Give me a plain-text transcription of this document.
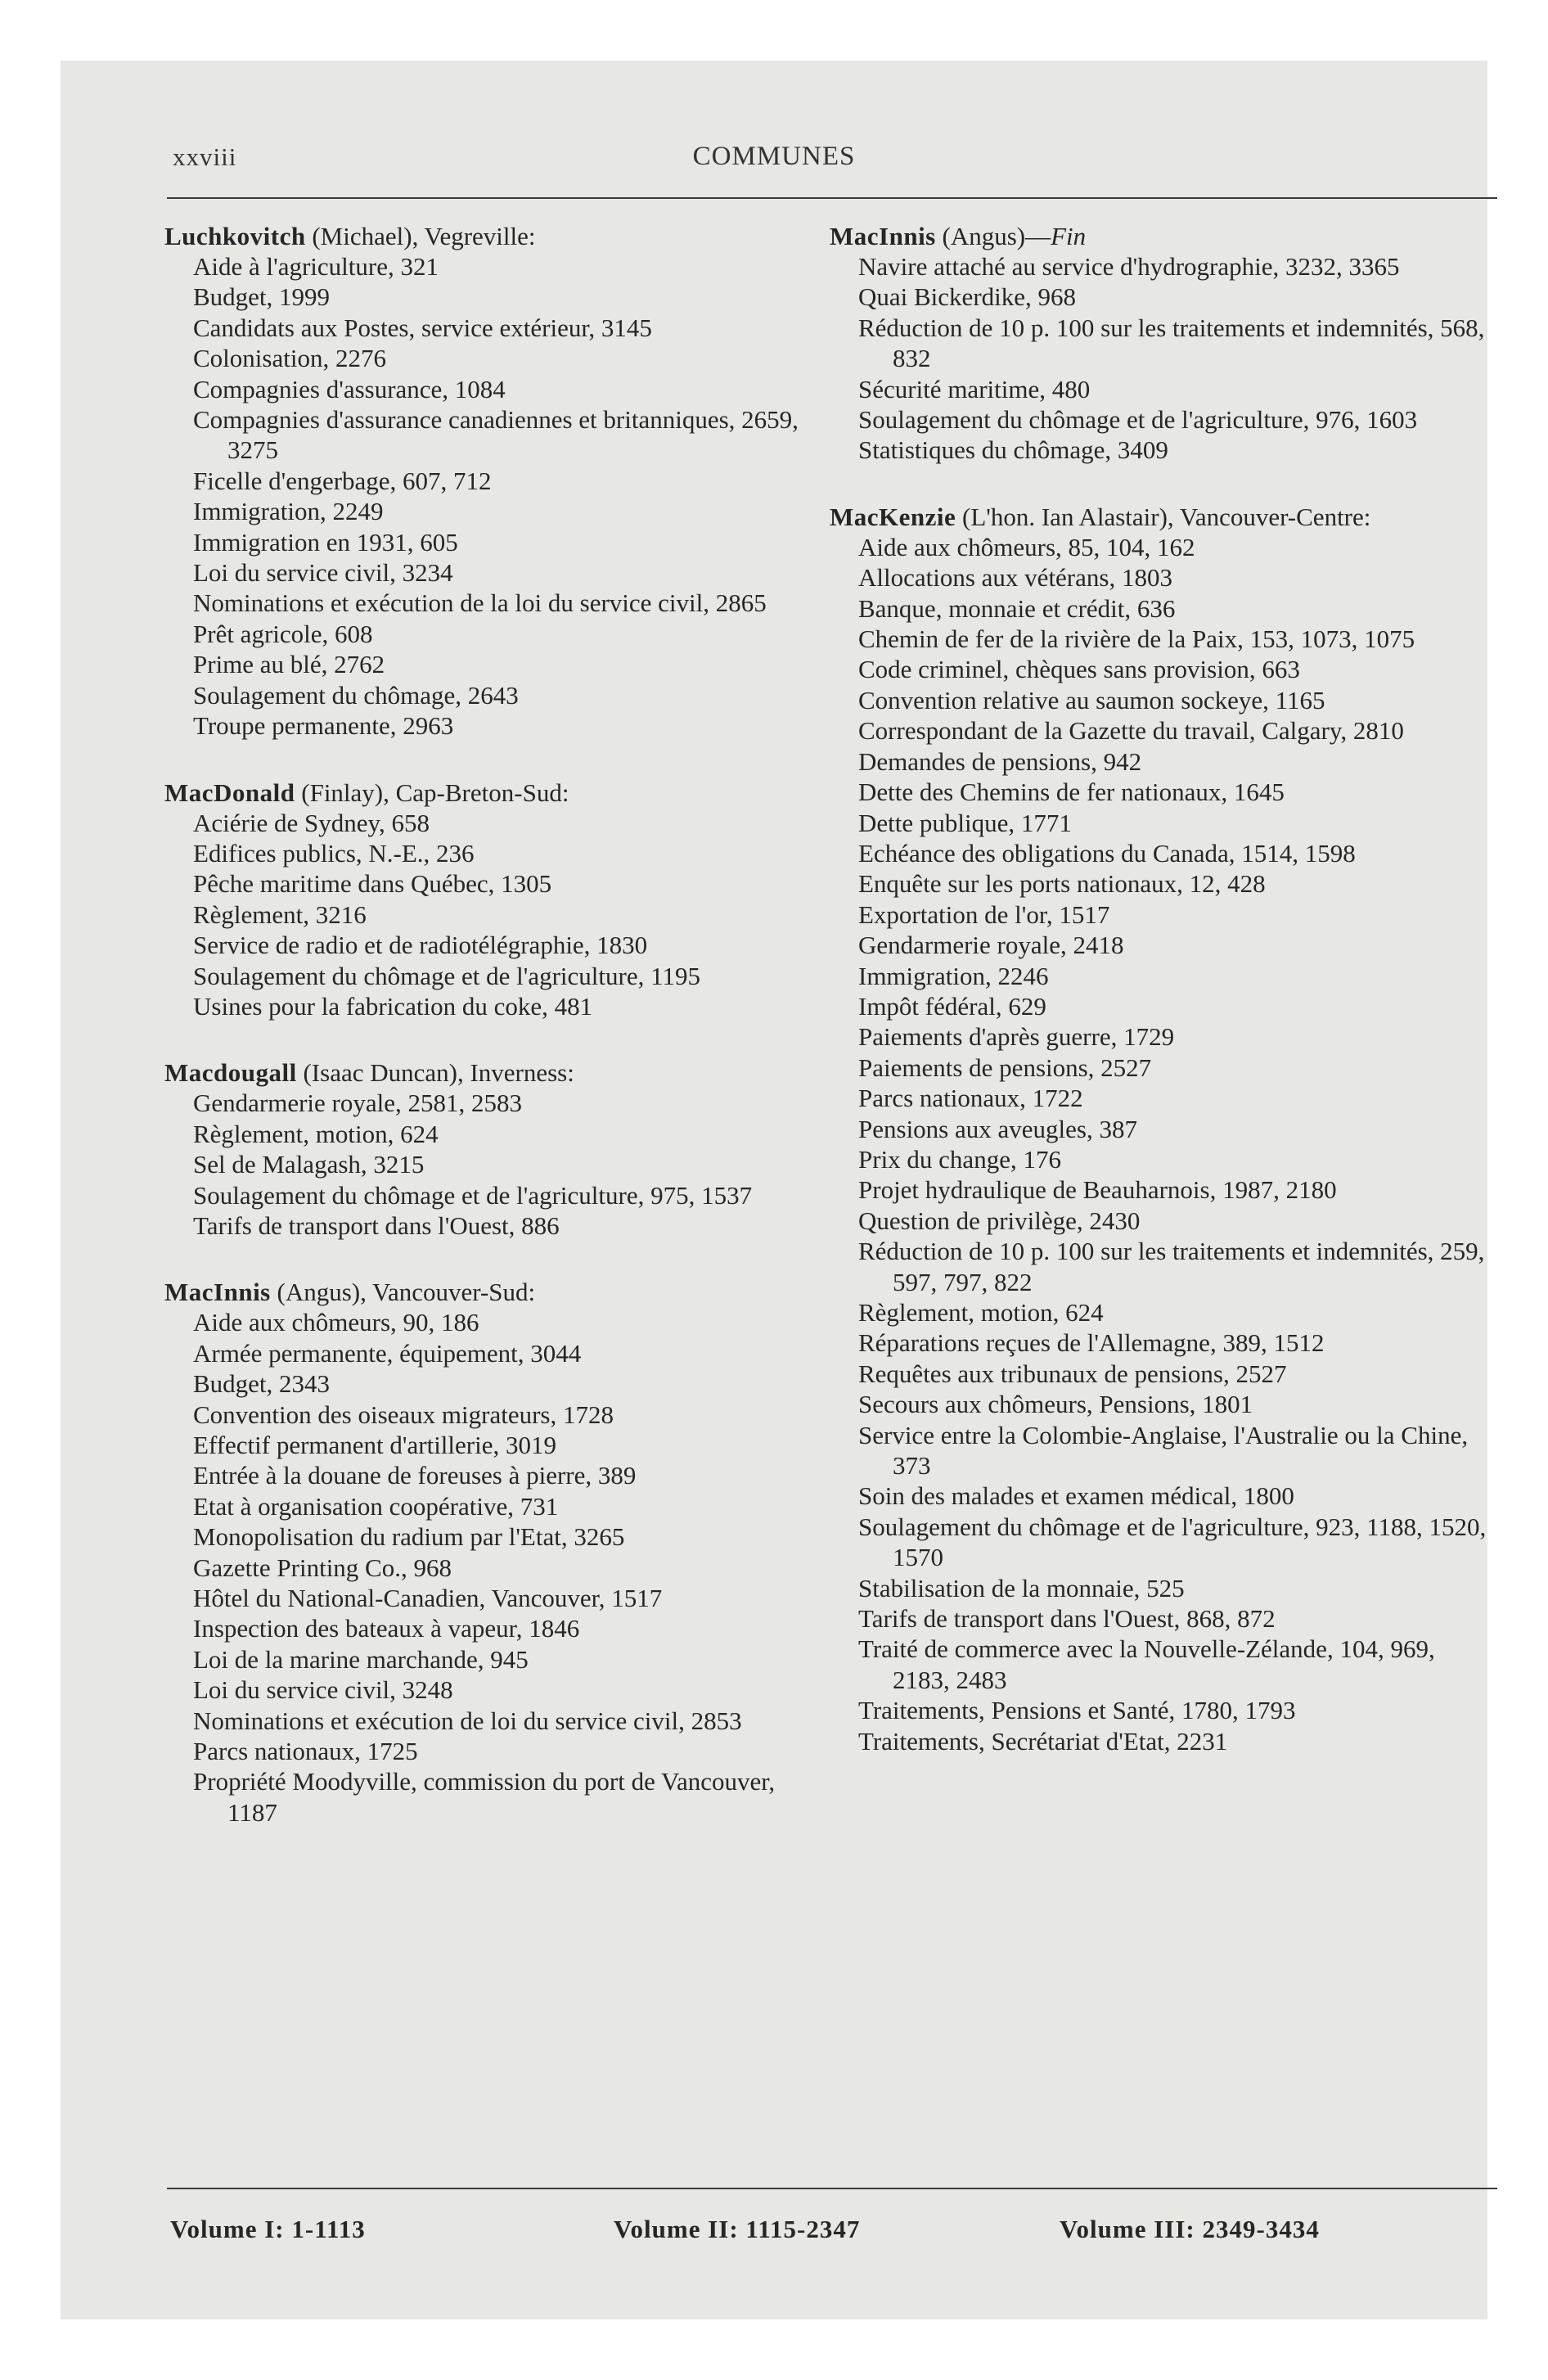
xxviii	COMMUNES
Luchkovitch (Michael), Vegreville:
Aide à l'agriculture, 321
Budget, 1999
Candidats aux Postes, service extérieur, 3145
Colonisation, 2276
Compagnies d'assurance, 1084
Compagnies d'assurance canadiennes et britanniques, 2659, 3275
Ficelle d'engerbage, 607, 712
Immigration, 2249
Immigration en 1931, 605
Loi du service civil, 3234
Nominations et exécution de la loi du service civil, 2865
Prêt agricole, 608
Prime au blé, 2762
Soulagement du chômage, 2643
Troupe permanente, 2963
MacDonald (Finlay), Cap-Breton-Sud:
Aciérie de Sydney, 658
Edifices publics, N.-E., 236
Pêche maritime dans Québec, 1305
Règlement, 3216
Service de radio et de radiotélégraphie, 1830
Soulagement du chômage et de l'agriculture, 1195
Usines pour la fabrication du coke, 481
Macdougall (Isaac Duncan), Inverness:
Gendarmerie royale, 2581, 2583
Règlement, motion, 624
Sel de Malagash, 3215
Soulagement du chômage et de l'agriculture, 975, 1537
Tarifs de transport dans l'Ouest, 886
MacInnis (Angus), Vancouver-Sud:
Aide aux chômeurs, 90, 186
Armée permanente, équipement, 3044
Budget, 2343
Convention des oiseaux migrateurs, 1728
Effectif permanent d'artillerie, 3019
Entrée à la douane de foreuses à pierre, 389
Etat à organisation coopérative, 731
Monopolisation du radium par l'Etat, 3265
Gazette Printing Co., 968
Hôtel du National-Canadien, Vancouver, 1517
Inspection des bateaux à vapeur, 1846
Loi de la marine marchande, 945
Loi du service civil, 3248
Nominations et exécution de loi du service civil, 2853
Parcs nationaux, 1725
Propriété Moodyville, commission du port de Vancouver, 1187
MacInnis (Angus)—Fin
Navire attaché au service d'hydrographie, 3232, 3365
Quai Bickerdike, 968
Réduction de 10 p. 100 sur les traitements et indemnités, 568, 832
Sécurité maritime, 480
Soulagement du chômage et de l'agriculture, 976, 1603
Statistiques du chômage, 3409
MacKenzie (L'hon. Ian Alastair), Vancouver-Centre:
Aide aux chômeurs, 85, 104, 162
Allocations aux vétérans, 1803
Banque, monnaie et crédit, 636
Chemin de fer de la rivière de la Paix, 153, 1073, 1075
Code criminel, chèques sans provision, 663
Convention relative au saumon sockeye, 1165
Correspondant de la Gazette du travail, Calgary, 2810
Demandes de pensions, 942
Dette des Chemins de fer nationaux, 1645
Dette publique, 1771
Echéance des obligations du Canada, 1514, 1598
Enquête sur les ports nationaux, 12, 428
Exportation de l'or, 1517
Gendarmerie royale, 2418
Immigration, 2246
Impôt fédéral, 629
Paiements d'après guerre, 1729
Paiements de pensions, 2527
Parcs nationaux, 1722
Pensions aux aveugles, 387
Prix du change, 176
Projet hydraulique de Beauharnois, 1987, 2180
Question de privilège, 2430
Réduction de 10 p. 100 sur les traitements et indemnités, 259, 597, 797, 822
Règlement, motion, 624
Réparations reçues de l'Allemagne, 389, 1512
Requêtes aux tribunaux de pensions, 2527
Secours aux chômeurs, Pensions, 1801
Service entre la Colombie-Anglaise, l'Australie ou la Chine, 373
Soin des malades et examen médical, 1800
Soulagement du chômage et de l'agriculture, 923, 1188, 1520, 1570
Stabilisation de la monnaie, 525
Tarifs de transport dans l'Ouest, 868, 872
Traité de commerce avec la Nouvelle-Zélande, 104, 969, 2183, 2483
Traitements, Pensions et Santé, 1780, 1793
Traitements, Secrétariat d'Etat, 2231
Volume I: 1-1113	Volume II: 1115-2347	Volume III: 2349-3434
